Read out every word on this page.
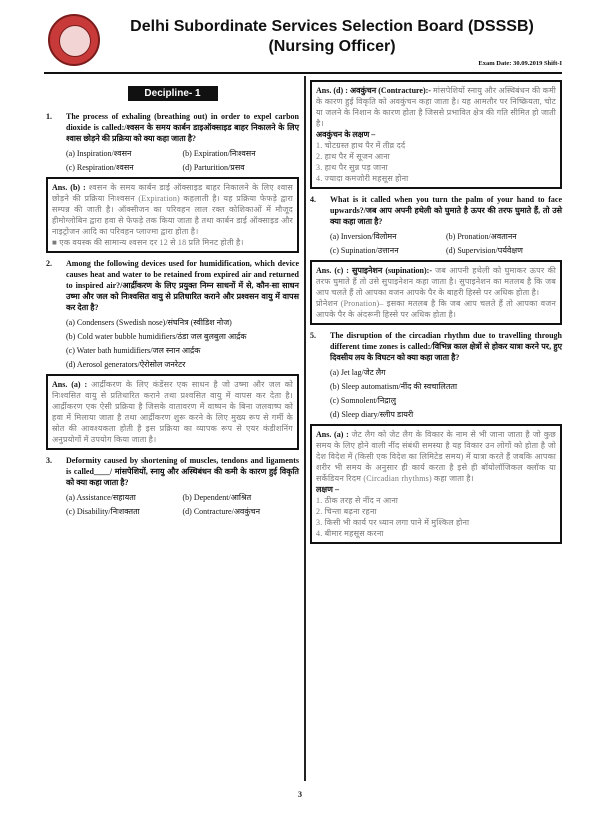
Delhi Subordinate Services Selection Board (DSSSB)
(Nursing Officer)
Exam Date: 30.09.2019 Shift-I
Decipline- 1
1.	The process of exhaling (breathing out) in order to expel carbon dioxide is called:/श्वसन के समय कार्बन डाइऑक्साइड बाहर निकालने के लिए श्वास छोड़ने की प्रक्रिया को क्या कहा जाता है?
(a) Inspiration/श्वसन	(b) Expiration/निःश्वसन
(c) Respiration/श्वसन	(d) Parturition/प्रसव

Ans. (b) : श्वसन के समय कार्बन डाई ऑक्साइड बाहर निकालने के लिए श्वास छोड़ने की प्रक्रिया निःश्वसन (Expiration) कहलाती है। यह प्रक्रिया फेफड़े द्वारा सम्पन्न की जाती है। ऑक्सीजन का परिवहन लाल रक्त कोशिकाओं में मौजूद हीमोग्लोबिन द्वारा हवा से फेफड़े तक किया जाता है तथा कार्बन डाई ऑक्साइड और नाइट्रोजन आदि का परिवहन प्लाज्मा द्वारा होता है।

■ एक वयस्क की सामान्य श्वसन दर 12 से 18 प्रति मिनट होती है।

2.	Among the following devices used for humidification, which device causes heat and water to be retained from expired air and returned to inspired air?/आर्द्रीकरण के लिए प्रयुक्त निम्न साधनों में से, कौन-सा साधन उष्मा और जल को निःश्वसित वायु से प्रतिधारित कराने और प्रश्वसन वायु में वापस कर देता है?
(a) Condensers (Swedish nose)/संघनित्र (स्वीडिश नोज)
(b) Cold water bubble humidifiers/ठंडा जल बुलबुला आर्द्रक
(c) Water bath humidifiers/जल स्नान आर्द्रक
(d) Aerosol generators/ऐरोसोल जनरेटर

Ans. (a) : आर्द्रीकरण के लिए कंडेंसर एक साधन है जो उष्मा और जल को निःश्वसित वायु से प्रतिधारित कराने तथा प्रश्वसित वायु में वापस कर देता है। आर्द्रीकरण एक ऐसी प्रक्रिया है जिसके वातावरण में वाष्पन के बिना जलवाष्प को हवा में मिलाया जाता है तथा आर्द्रीकरण शुरू करने के लिए मुख्य रूप से गर्मी के स्रोत की आवश्यकता होती है इस प्रक्रिया का व्यापक रूप से एयर कंडीशनिंग अनुप्रयोगों में उपयोग किया जाता है।

3.	Deformity caused by shortening of muscles, tendons and ligaments is called____/ मांसपेशियों, स्नायु और अस्थिबंधन की कमी के कारण हुई विकृति को क्या कहा जाता है?
(a) Assistance/सहायता	(b) Dependent/आश्रित
(c) Disability/निःशक्तता	(d) Contracture/अवकुंचन

Ans. (d) : अवकुंचन (Contracture):- मांसपेशियों स्नायु और अस्थिबंधन की कमी के कारण हुई विकृति को अवकुंचन कहा जाता है। यह आमतौर पर निष्क्रियता, चोट या जलने के निशान के कारण होता है जिससे प्रभावित क्षेत्र की गति सीमित हो जाती है।

अवकुंचन के लक्षण –

1. चोटग्रस्त हाथ पैर में तीव्र दर्द

2. हाथ पैर में सूजन आना

3. हाथ पैर सुन्न पड़ जाना

4. ज्यादा कमजोरी महसूस होना

4.	What is it called when you turn the palm of your hand to face upwards?/जब आप अपनी हथेली को घुमाते है ऊपर की तरफ घुमाते हैं, तो उसे क्या कहा जाता है?
(a) Inversion/विलोमन	(b) Pronation/अवतानन
(c) Supination/उत्तानन	(d) Supervision/पर्यवेक्षण

Ans. (c) : सुपाइनेशन (supination):- जब आपनी हथेली को घुमाकर ऊपर की तरफ घुमाते हैं तो उसे सुपाइनेशन कहा जाता है। सुपाइनेशन का मतलब है कि जब आप चलते हैं तो आपका वजन आपके पैर के बाहरी हिस्से पर अधिक होता है।

प्रोनेशन (Pronation)– इसका मतलब है कि जब आप चलते हैं तो आपका वजन आपके पैर के अंदरूनी हिस्से पर अधिक होता है।

5.	The disruption of the circadian rhythm due to travelling through different time zones is called:/विभिन्न काल क्षेत्रों से होकर यात्रा करने पर, हुए दिवसीय लय के विघटन को क्या कहा जाता है?
(a) Jet lag/जेट लैग
(b) Sleep automatism/नींद की स्वचालितता
(c) Somnolent/निद्रालु
(d) Sleep diary/स्लीप डायरी

Ans. (a) : जेट लैग को जेट लैग के विकार के नाम से भी जाना जाता है जो कुछ समय के लिए होने वाली नींद संबंधी समस्या है यह विकार उन लोगों को होता है जो देश विदेश में (किसी एक विदेश का लिमिटेड समय) में यात्रा करते हैं जबकि आपका शरीर भी समय के अनुसार ही कार्य करता है इसे ही बॉयोलॉजिकल क्लॉक या सर्केडियन रिदम (Circadian rhythms) कहा जाता है।

लक्षण –

1. ठीक तरह से नींद न आना

2. चिन्ता बढ़ना रहना

3. किसी भी कार्य पर ध्यान लगा पाने में मुश्किल होना

4. बीमार महसूस करना

3
